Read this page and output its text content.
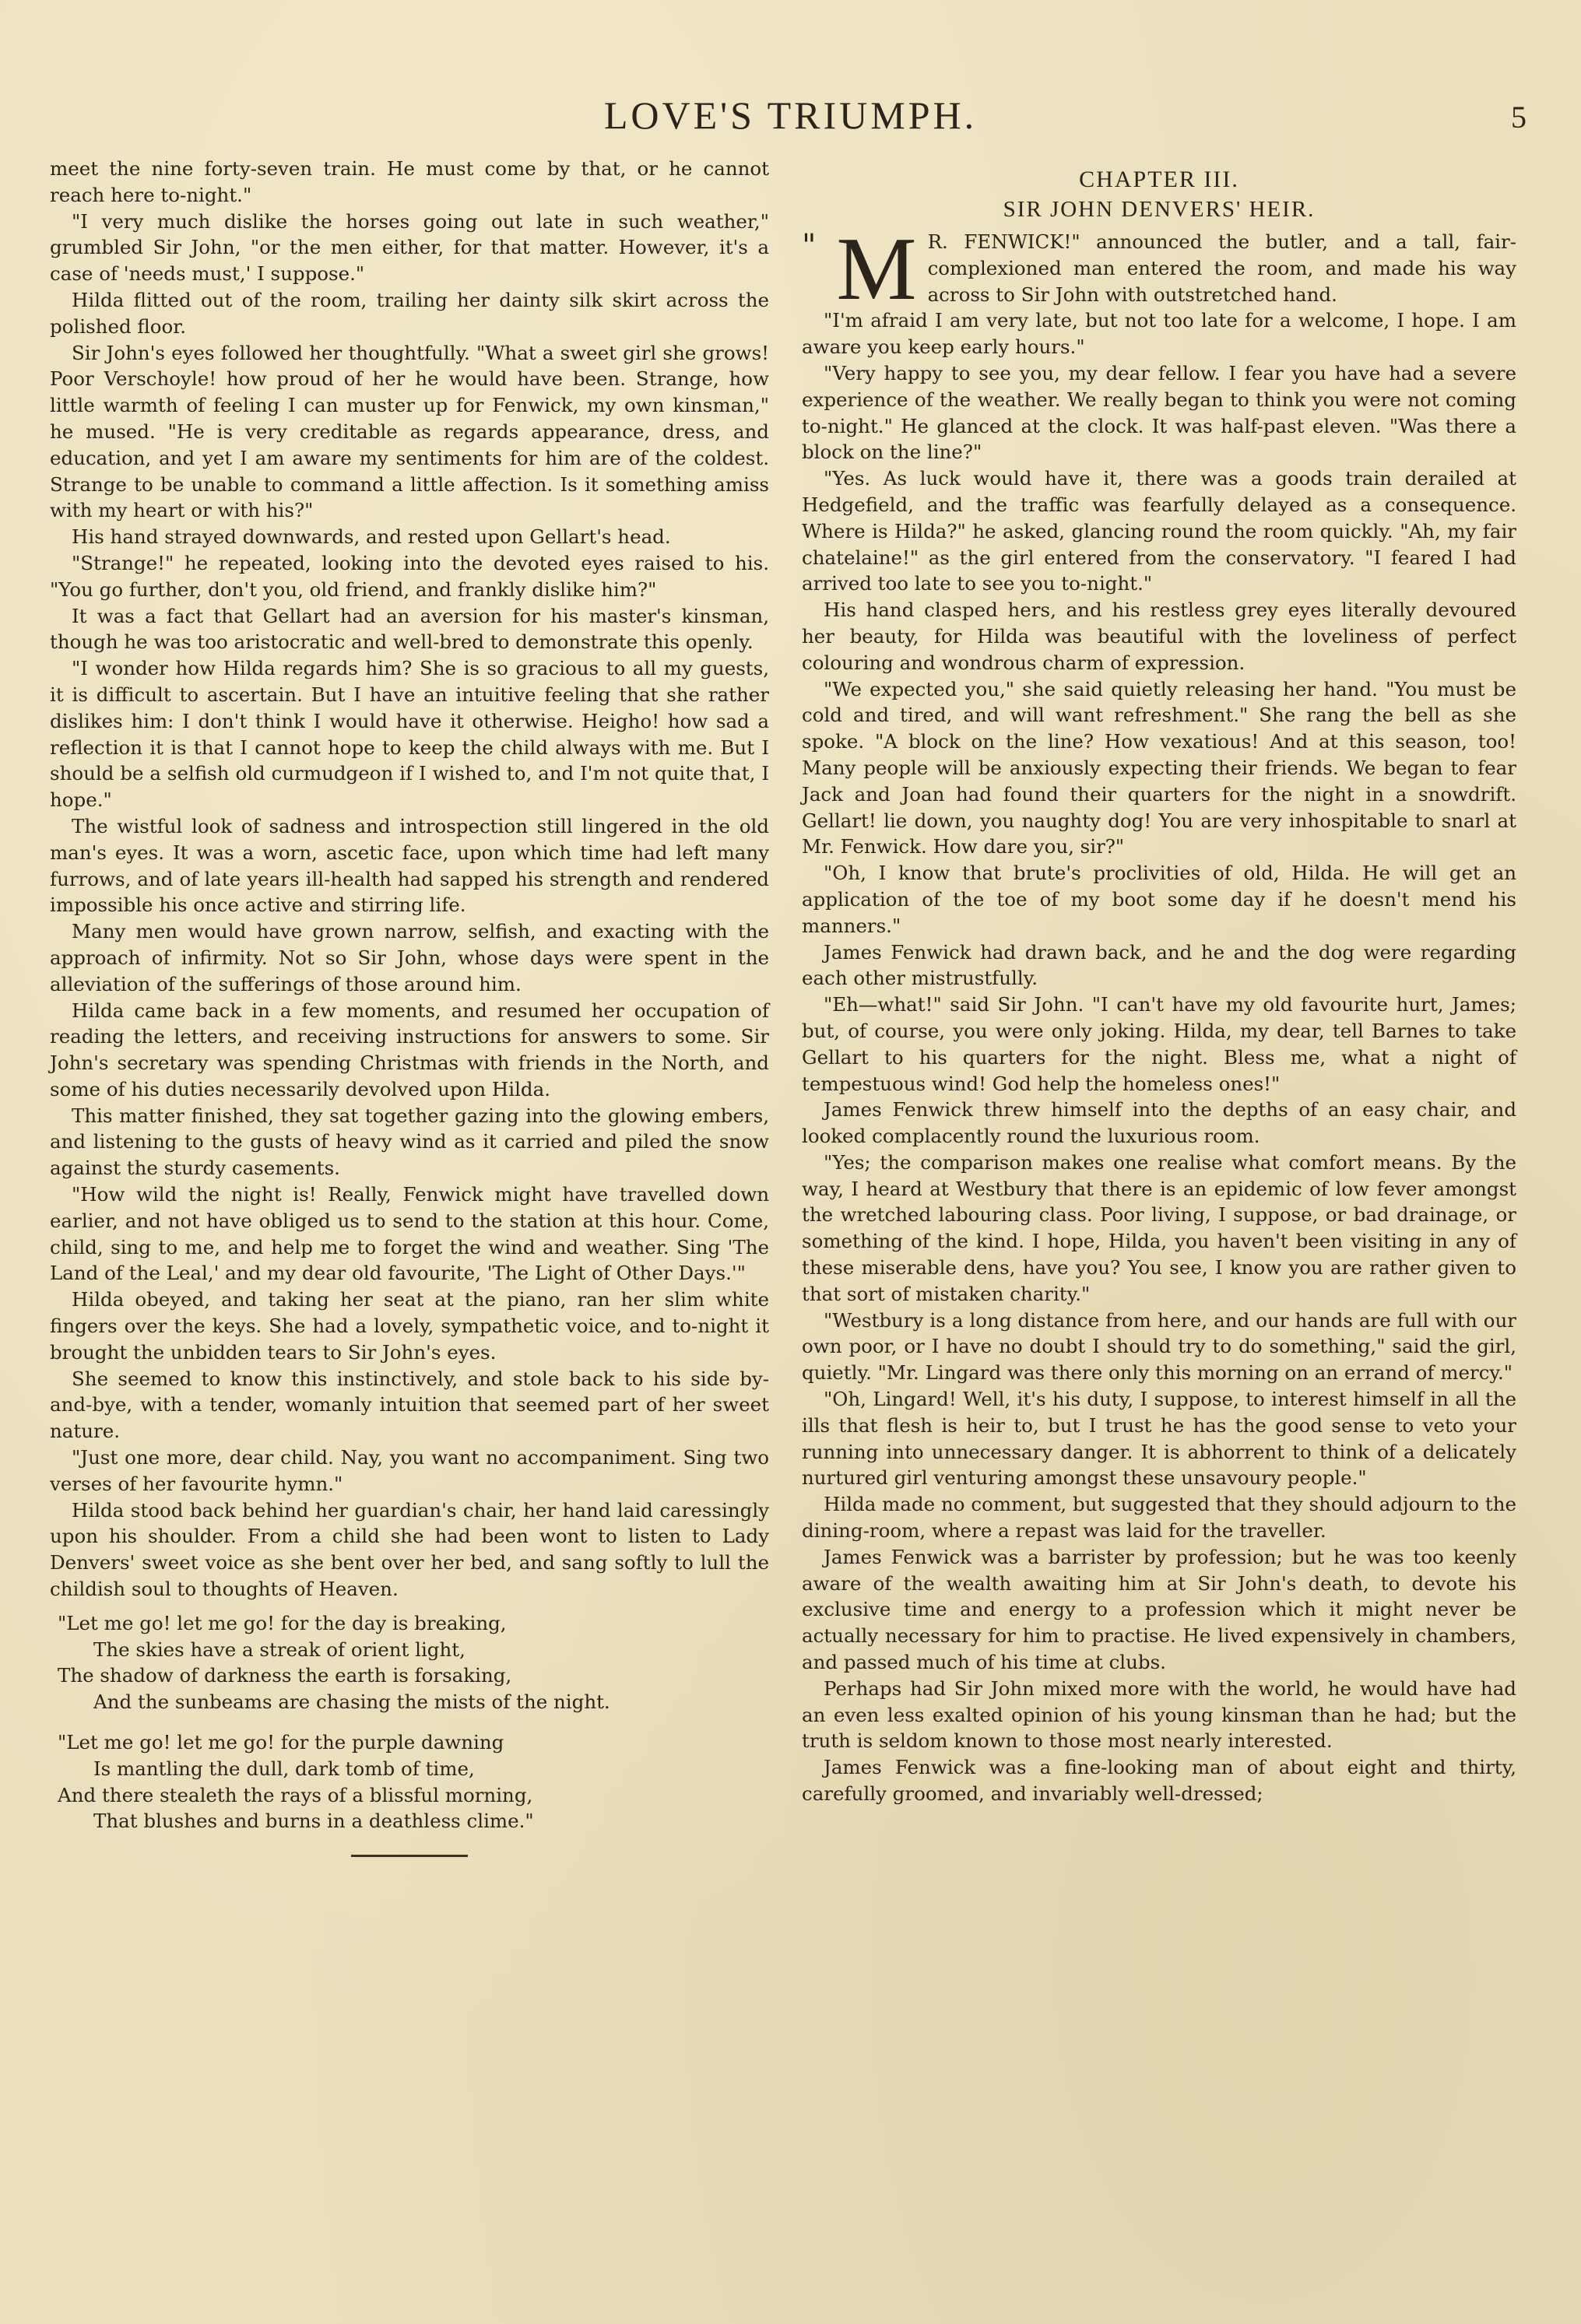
LOVE'S TRIUMPH.	5

meet the nine forty-seven train. He must come by that, or he cannot reach here to-night."

"I very much dislike the horses going out late in such weather," grumbled Sir John, "or the men either, for that matter. However, it's a case of 'needs must,' I suppose."

Hilda flitted out of the room, trailing her dainty silk skirt across the polished floor.

Sir John's eyes followed her thoughtfully. "What a sweet girl she grows! Poor Verschoyle! how proud of her he would have been. Strange, how little warmth of feeling I can muster up for Fenwick, my own kinsman," he mused. "He is very creditable as regards appearance, dress, and education, and yet I am aware my sentiments for him are of the coldest. Strange to be unable to command a little affection. Is it something amiss with my heart or with his?"

His hand strayed downwards, and rested upon Gellart's head.

"Strange!" he repeated, looking into the devoted eyes raised to his. "You go further, don't you, old friend, and frankly dislike him?"

It was a fact that Gellart had an aversion for his master's kinsman, though he was too aristocratic and well-bred to demonstrate this openly.

"I wonder how Hilda regards him? She is so gracious to all my guests, it is difficult to ascertain. But I have an intuitive feeling that she rather dislikes him: I don't think I would have it otherwise. Heigho! how sad a reflection it is that I cannot hope to keep the child always with me. But I should be a selfish old curmudgeon if I wished to, and I'm not quite that, I hope."

The wistful look of sadness and introspection still lingered in the old man's eyes. It was a worn, ascetic face, upon which time had left many furrows, and of late years ill-health had sapped his strength and rendered impossible his once active and stirring life.

Many men would have grown narrow, selfish, and exacting with the approach of infirmity. Not so Sir John, whose days were spent in the alleviation of the sufferings of those around him.

Hilda came back in a few moments, and resumed her occupation of reading the letters, and receiving instructions for answers to some. Sir John's secretary was spending Christmas with friends in the North, and some of his duties necessarily devolved upon Hilda.

This matter finished, they sat together gazing into the glowing embers, and listening to the gusts of heavy wind as it carried and piled the snow against the sturdy casements.

"How wild the night is! Really, Fenwick might have travelled down earlier, and not have obliged us to send to the station at this hour. Come, child, sing to me, and help me to forget the wind and weather. Sing 'The Land of the Leal,' and my dear old favourite, 'The Light of Other Days.'"

Hilda obeyed, and taking her seat at the piano, ran her slim white fingers over the keys. She had a lovely, sympathetic voice, and to-night it brought the unbidden tears to Sir John's eyes.

She seemed to know this instinctively, and stole back to his side by-and-bye, with a tender, womanly intuition that seemed part of her sweet nature.

"Just one more, dear child. Nay, you want no accompaniment. Sing two verses of her favourite hymn."

Hilda stood back behind her guardian's chair, her hand laid caressingly upon his shoulder. From a child she had been wont to listen to Lady Denvers' sweet voice as she bent over her bed, and sang softly to lull the childish soul to thoughts of Heaven.

"Let me go! let me go! for the day is breaking,
The skies have a streak of orient light,
The shadow of darkness the earth is forsaking,
And the sunbeams are chasing the mists of the night.
"Let me go! let me go! for the purple dawning
Is mantling the dull, dark tomb of time,
And there stealeth the rays of a blissful morning,
That blushes and burns in a deathless clime."
CHAPTER III.
SIR JOHN DENVERS' HEIR.

" M R. FENWICK!" announced the butler, and a tall, fair-complexioned man entered the room, and made his way across to Sir John with outstretched hand.

"I'm afraid I am very late, but not too late for a welcome, I hope. I am aware you keep early hours."

"Very happy to see you, my dear fellow. I fear you have had a severe experience of the weather. We really began to think you were not coming to-night." He glanced at the clock. It was half-past eleven. "Was there a block on the line?"

"Yes. As luck would have it, there was a goods train derailed at Hedgefield, and the traffic was fearfully delayed as a consequence. Where is Hilda?" he asked, glancing round the room quickly. "Ah, my fair chatelaine!" as the girl entered from the conservatory. "I feared I had arrived too late to see you to-night."

His hand clasped hers, and his restless grey eyes literally devoured her beauty, for Hilda was beautiful with the loveliness of perfect colouring and wondrous charm of expression.

"We expected you," she said quietly releasing her hand. "You must be cold and tired, and will want refreshment." She rang the bell as she spoke. "A block on the line? How vexatious! And at this season, too! Many people will be anxiously expecting their friends. We began to fear Jack and Joan had found their quarters for the night in a snowdrift. Gellart! lie down, you naughty dog! You are very inhospitable to snarl at Mr. Fenwick. How dare you, sir?"

"Oh, I know that brute's proclivities of old, Hilda. He will get an application of the toe of my boot some day if he doesn't mend his manners."

James Fenwick had drawn back, and he and the dog were regarding each other mistrustfully.

"Eh—what!" said Sir John. "I can't have my old favourite hurt, James; but, of course, you were only joking. Hilda, my dear, tell Barnes to take Gellart to his quarters for the night. Bless me, what a night of tempestuous wind! God help the homeless ones!"

James Fenwick threw himself into the depths of an easy chair, and looked complacently round the luxurious room.

"Yes; the comparison makes one realise what comfort means. By the way, I heard at Westbury that there is an epidemic of low fever amongst the wretched labouring class. Poor living, I suppose, or bad drainage, or something of the kind. I hope, Hilda, you haven't been visiting in any of these miserable dens, have you? You see, I know you are rather given to that sort of mistaken charity."

"Westbury is a long distance from here, and our hands are full with our own poor, or I have no doubt I should try to do something," said the girl, quietly. "Mr. Lingard was there only this morning on an errand of mercy."

"Oh, Lingard! Well, it's his duty, I suppose, to interest himself in all the ills that flesh is heir to, but I trust he has the good sense to veto your running into unnecessary danger. It is abhorrent to think of a delicately nurtured girl venturing amongst these unsavoury people."

Hilda made no comment, but suggested that they should adjourn to the dining-room, where a repast was laid for the traveller.

James Fenwick was a barrister by profession; but he was too keenly aware of the wealth awaiting him at Sir John's death, to devote his exclusive time and energy to a profession which it might never be actually necessary for him to practise. He lived expensively in chambers, and passed much of his time at clubs.

Perhaps had Sir John mixed more with the world, he would have had an even less exalted opinion of his young kinsman than he had; but the truth is seldom known to those most nearly interested.

James Fenwick was a fine-looking man of about eight and thirty, carefully groomed, and invariably well-dressed;
